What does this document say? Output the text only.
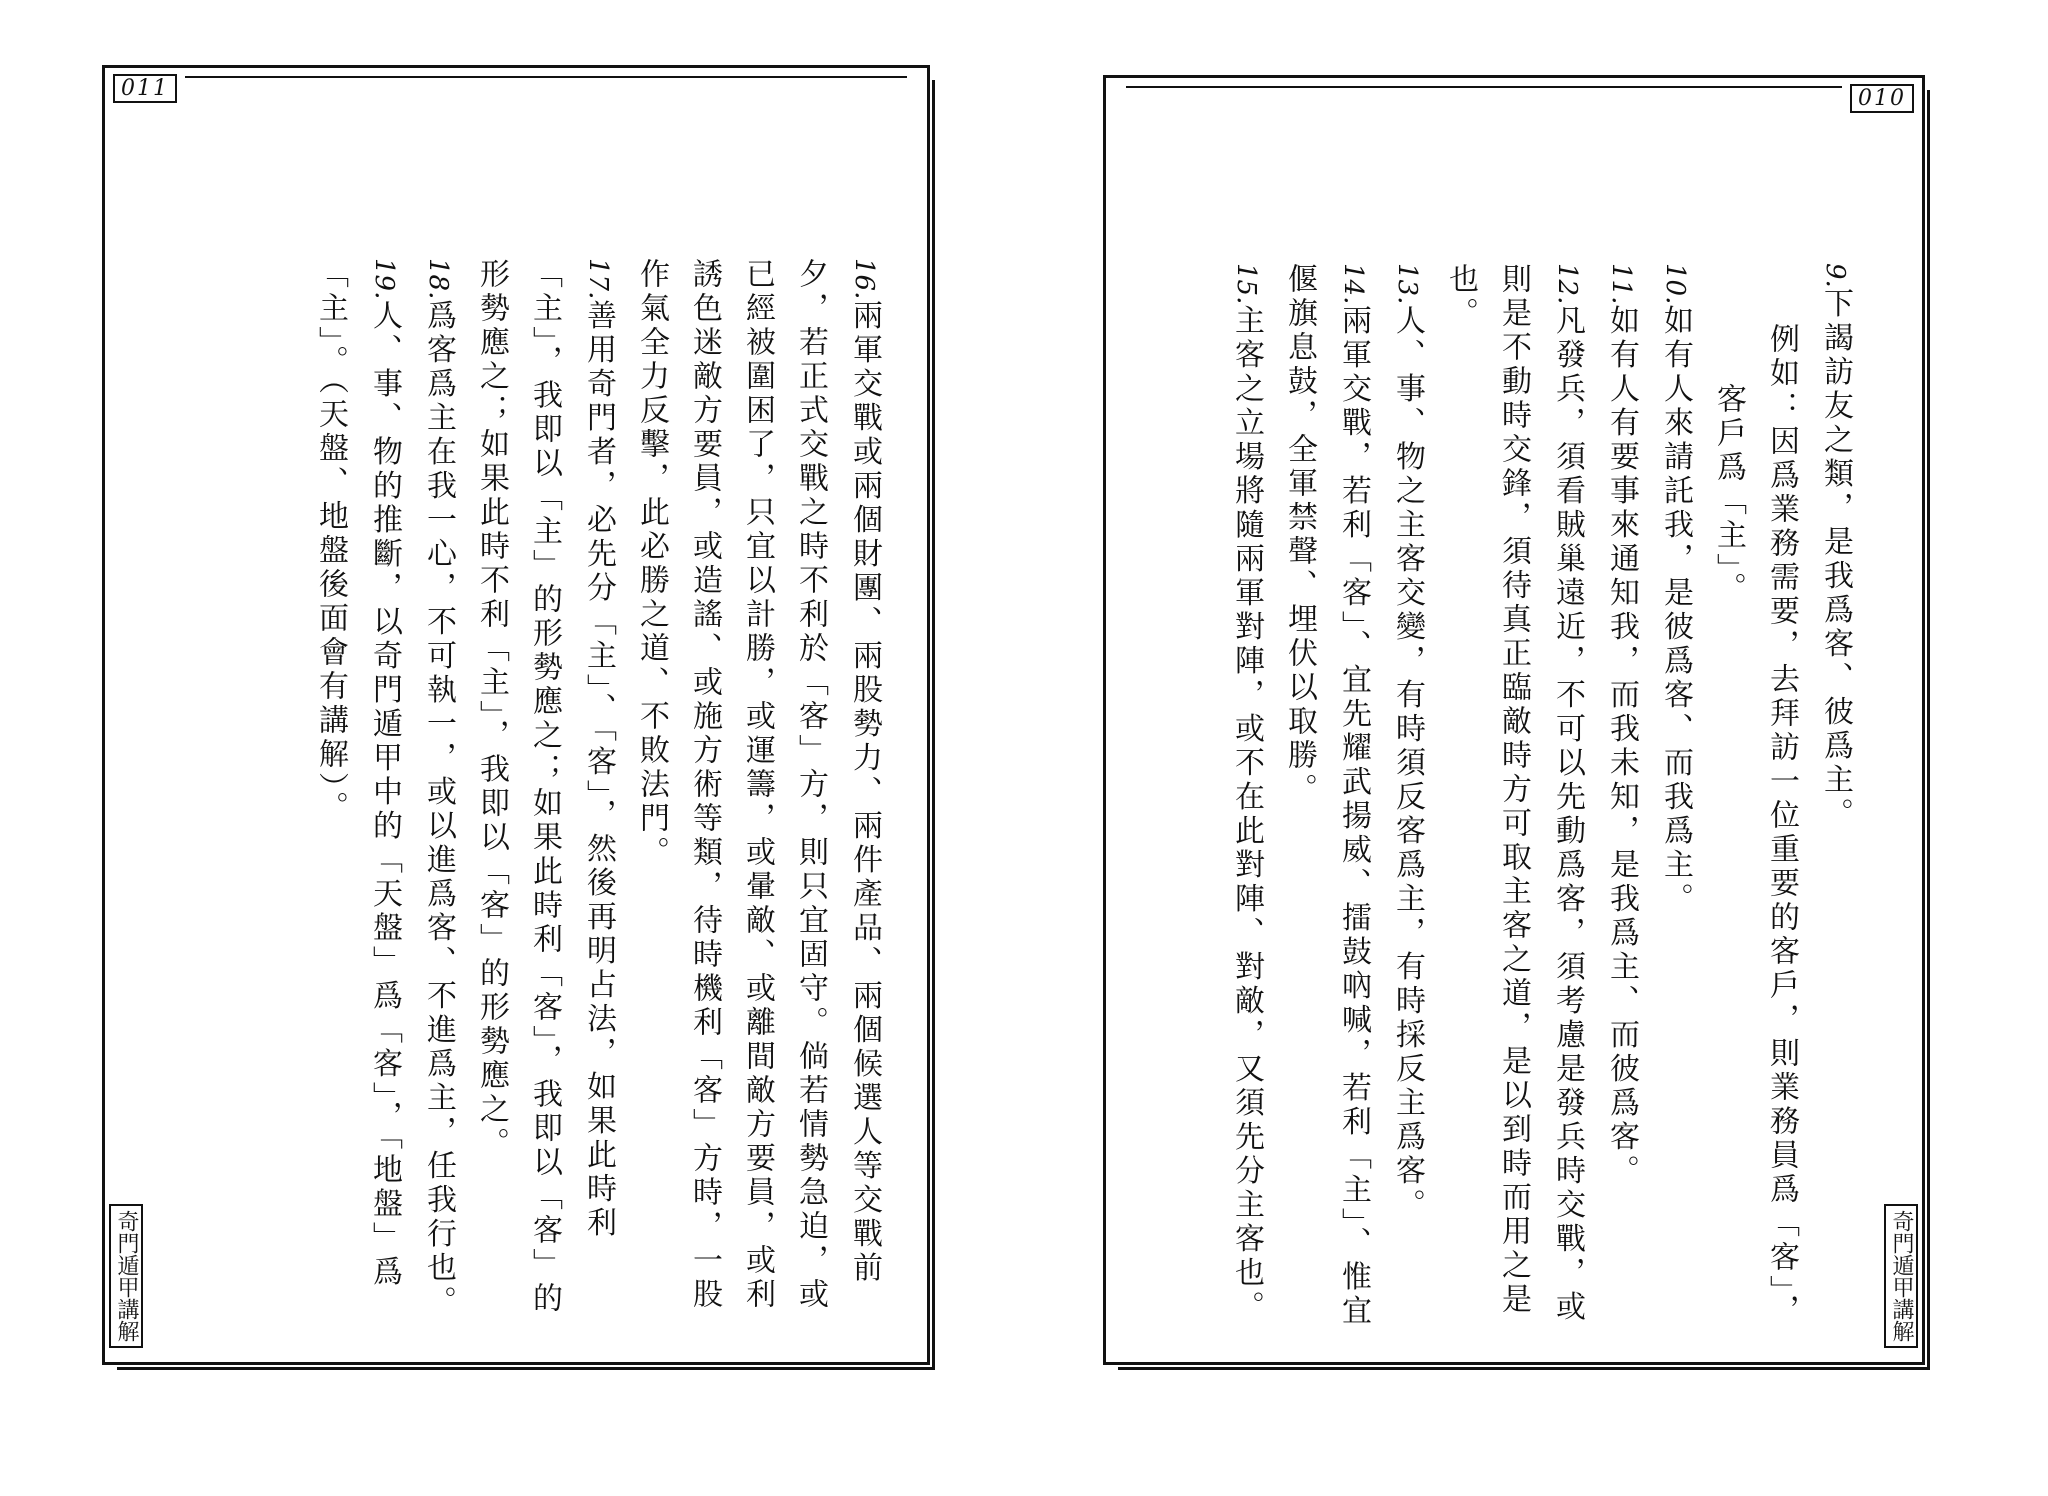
011
16.兩軍交戰或兩個財團、兩股勢力、兩件產品、兩個候選人等交戰前夕，若正式交戰之時不利於「客」方，則只宜固守。倘若情勢急迫，或已經被圍困了，只宜以計勝，或運籌，或暈敵、或離間敵方要員，或利誘色迷敵方要員，或造謠、或施方術等類，待時機利「客」方時，一股作氣全力反擊，此必勝之道、不敗法門。
17.善用奇門者，必先分「主」、「客」，然後再明占法，如果此時利「主」，我即以「主」的形勢應之；如果此時利「客」，我即以「客」的形勢應之；如果此時不利「主」，我即以「客」的形勢應之。
18.爲客爲主在我一心，不可執一，或以進爲客、不進爲主，任我行也。
19.人、事、物的推斷，以奇門遁甲中的「天盤」爲「客」，「地盤」爲「主」。（天盤、地盤後面會有講解）。
奇門遁甲講解
010
9.下謁訪友之類，是我爲客、彼爲主。
例如：因爲業務需要，去拜訪一位重要的客戶，則業務員爲「客」，
客戶爲「主」。
10.如有人來請託我，是彼爲客、而我爲主。
11.如有人有要事來通知我，而我未知，是我爲主、而彼爲客。
12.凡發兵，須看賊巢遠近，不可以先動爲客，須考慮是發兵時交戰，或則是不動時交鋒，須待真正臨敵時方可取主客之道，是以到時而用之是也。
13.人、事、物之主客交變，有時須反客爲主，有時採反主爲客。
14.兩軍交戰，若利「客」、宜先耀武揚威、擂鼓吶喊，若利「主」、惟宜偃旗息鼓，全軍禁聲、埋伏以取勝。
15.主客之立場將隨兩軍對陣，或不在此對陣、對敵，又須先分主客也。	奇門遁甲講解
